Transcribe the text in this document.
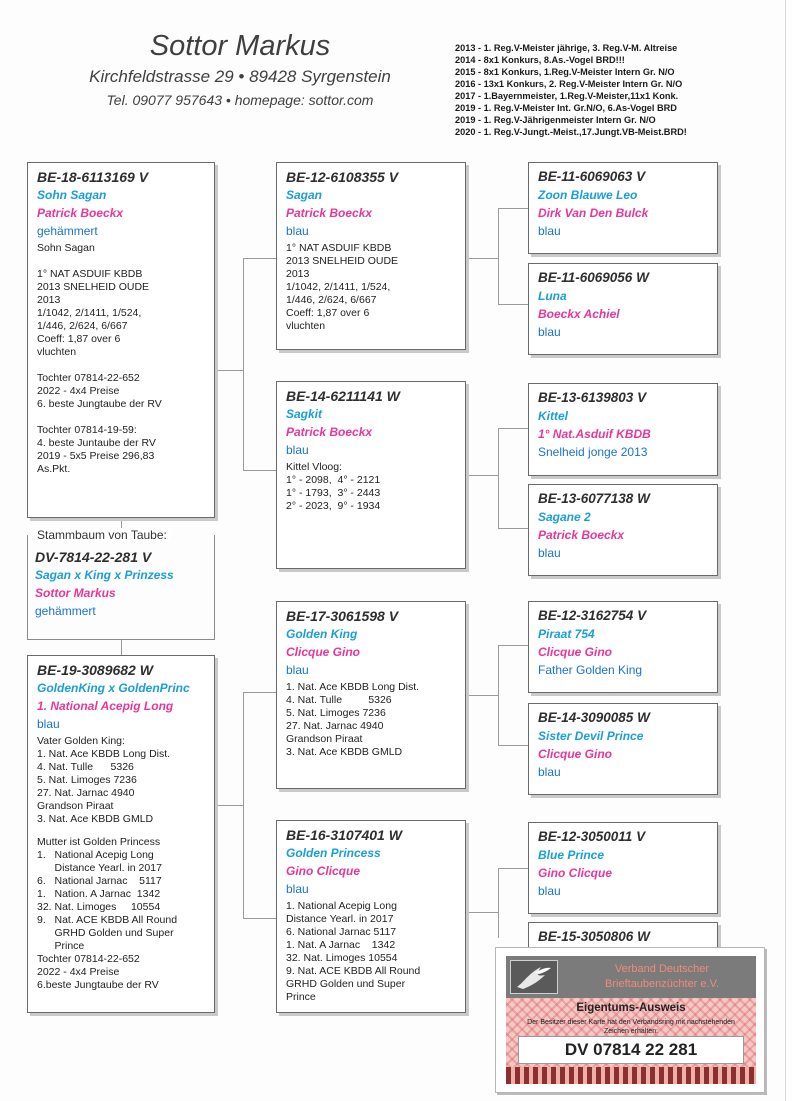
Sottor Markus
Kirchfeldstrasse 29 • 89428 Syrgenstein
Tel. 09077 957643 • homepage: sottor.com
2013 - 1. Reg.V-Meister jährige, 3. Reg.V-M. Altreise
2014 - 8x1 Konkurs, 8.As.-Vogel BRD!!!
2015 - 8x1 Konkurs, 1.Reg.V-Meister Intern Gr. N/O
2016 - 13x1 Konkurs, 2. Reg.V-Meister Intern Gr. N/O
2017 - 1.Bayernmeister, 1.Reg.V-Meister,11x1 Konk.
2019 - 1. Reg.V-Meister Int. Gr.N/O, 6.As-Vogel BRD
2019 - 1. Reg.V-Jährigenmeister Intern Gr. N/O
2020 - 1. Reg.V-Jungt.-Meist.,17.Jungt.VB-Meist.BRD!
BE-18-6113169 V
Sohn Sagan
Patrick Boeckx
gehämmert
Sohn Sagan

1° NAT ASDUIF KBDB
2013 SNELHEID OUDE
2013
1/1042, 2/1411, 1/524,
1/446, 2/624, 6/667
Coeff: 1,87 over 6
vluchten

Tochter 07814-22-652
2022 - 4x4 Preise
6. beste Jungtaube der RV

Tochter 07814-19-59:
4. beste Juntaube der RV
2019 - 5x5 Preise 296,83
As.Pkt.
Stammbaum von Taube:
DV-7814-22-281 V
Sagan x King x Prinzess
Sottor Markus
gehämmert
BE-19-3089682 W
GoldenKing x GoldenPrinc
1. National Acepig Long
blau
Vater Golden King:
1. Nat. Ace KBDB Long Dist.
4. Nat. Tulle      5326
5. Nat. Limoges 7236
27. Nat. Jarnac 4940
Grandson Piraat
3. Nat. Ace KBDB GMLD
Mutter ist Golden Princess
1.   National Acepig Long
Distance Yearl. in 2017
6.   National Jarnac    5117
1.   Nation. A Jarnac  1342
32. Nat. Limoges     10554
9.   Nat. ACE KBDB All Round
GRHD Golden und Super
Prince
Tochter 07814-22-652
2022 - 4x4 Preise
6.beste Jungtaube der RV
BE-12-6108355 V
Sagan
Patrick Boeckx
blau
1° NAT ASDUIF KBDB
2013 SNELHEID OUDE
2013
1/1042, 2/1411, 1/524,
1/446, 2/624, 6/667
Coeff: 1,87 over 6
vluchten
BE-14-6211141 W
Sagkit
Patrick Boeckx
blau
Kittel Vloog:
1° - 2098,  4° - 2121
1° - 1793,  3° - 2443
2° - 2023,  9° - 1934
BE-17-3061598 V
Golden King
Clicque Gino
blau
1. Nat. Ace KBDB Long Dist.
4. Nat. Tulle         5326
5. Nat. Limoges 7236
27. Nat. Jarnac 4940
Grandson Piraat
3. Nat. Ace KBDB GMLD
BE-16-3107401 W
Golden Princess
Gino Clicque
blau
1. National Acepig Long
Distance Yearl. in 2017
6. National Jarnac 5117
1. Nat. A Jarnac    1342
32. Nat. Limoges 10554
9. Nat. ACE KBDB All Round
GRHD Golden und Super
Prince
BE-11-6069063 V
Zoon Blauwe Leo
Dirk Van Den Bulck
blau
BE-11-6069056 W
Luna
Boeckx Achiel
blau
BE-13-6139803 V
Kittel
1° Nat.Asduif KBDB
Snelheid jonge 2013
BE-13-6077138 W
Sagane 2
Patrick Boeckx
blau
BE-12-3162754 V
Piraat 754
Clicque Gino
Father Golden King
BE-14-3090085 W
Sister Devil Prince
Clicque Gino
blau
BE-12-3050011 V
Blue Prince
Gino Clicque
blau
BE-15-3050806 W
Verband Deutscher
Brieftaubenzüchter e.V.
Eigentums-Ausweis
Der Besitzer dieser Karte hat den Verbandsring mit nachstehenden Zeichen erhalten:
DV 07814 22 281
